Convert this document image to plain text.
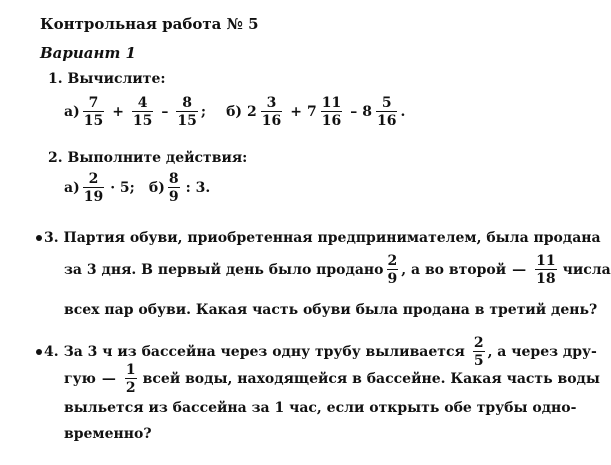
Контрольная работа № 5
Вариант 1
1. Вычислите:
$а) \frac{7}{15} + \frac{4}{15} - \frac{8}{15}$ ; б) $2 \frac{3}{16} + 7 \frac{11}{16} - 8 \frac{5}{16}$ .
2. Выполните действия:
$а) \frac{2}{19} \cdot 5$; $б) \frac{8}{9}$ : 3.
3. Партия обуви, приобретенная предпринимателем, была продана
за 3 дня. В первый день было продано $\frac{2}{9}$ , а во второй — $\frac{11}{18}$ числа
всех пар обуви. Какая часть обуви была продана в третий день?
4. За 3 ч из бассейна через одну трубу выливается $\frac{2}{5}$ , а через дру-
гую — $\frac{1}{2}$ всей воды, находящейся в бассейне. Какая часть воды
выльется из бассейна за 1 час, если открыть обе трубы одно-
временно?
